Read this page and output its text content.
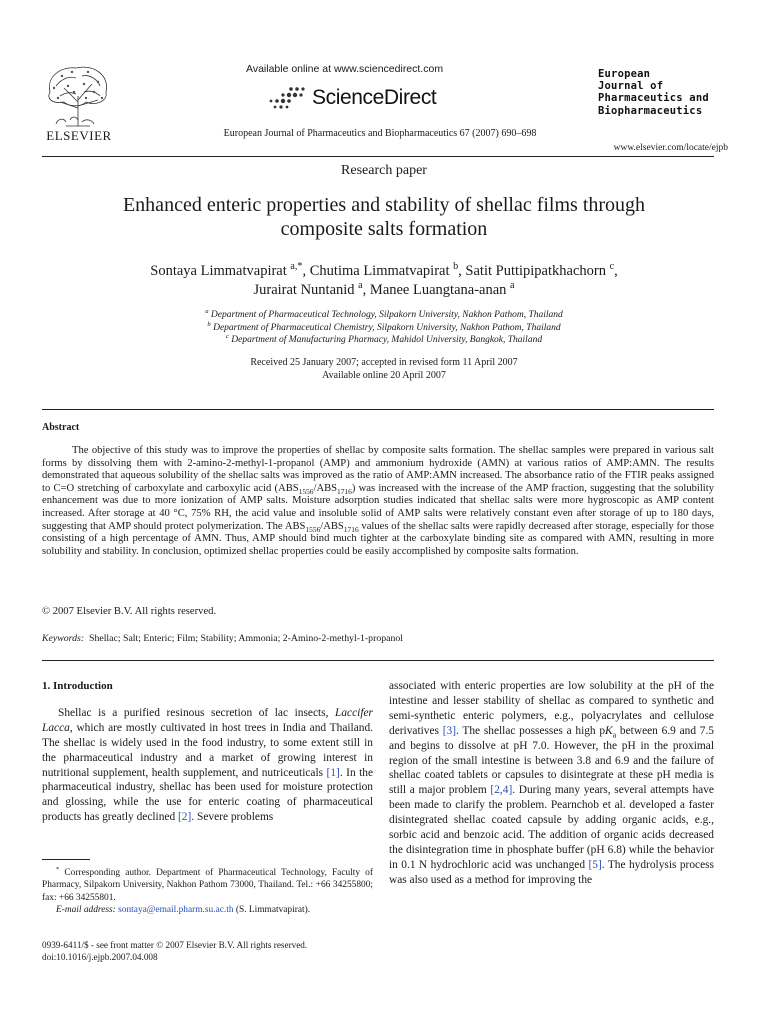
ELSEVIER
Available online at www.sciencedirect.com
ScienceDirect
European Journal of Pharmaceutics and Biopharmaceutics 67 (2007) 690–698
European
Journal of
Pharmaceutics and
Biopharmaceutics
www.elsevier.com/locate/ejpb
Research paper
Enhanced enteric properties and stability of shellac films through composite salts formation
Sontaya Limmatvapirat $^{a,*}$, Chutima Limmatvapirat $^b$, Satit Puttipipatkhachorn $^c$,
Jurairat Nuntanid $^a$, Manee Luangtana-anan $^a$
$^a$ Department of Pharmaceutical Technology, Silpakorn University, Nakhon Pathom, Thailand
$^b$ Department of Pharmaceutical Chemistry, Silpakorn University, Nakhon Pathom, Thailand
$^c$ Department of Manufacturing Pharmacy, Mahidol University, Bangkok, Thailand
Received 25 January 2007; accepted in revised form 11 April 2007
Available online 20 April 2007
Abstract
The objective of this study was to improve the properties of shellac by composite salts formation. The shellac samples were prepared in various salt forms by dissolving them with 2-amino-2-methyl-1-propanol (AMP) and ammonium hydroxide (AMN) at various ratios of AMP:AMN. The results demonstrated that aqueous solubility of the shellac salts was improved as the ratio of AMP:AMN increased. The absorbance ratio of the FTIR peaks assigned to C=O stretching of carboxylate and carboxylic acid $(ABS_{1556}/ABS_{1716})$ was increased with the increase of the AMP fraction, suggesting that the solubility enhancement was due to more ionization of AMP salts. Moisture adsorption studies indicated that shellac salts were more hygroscopic as AMP content increased. After storage at 40 °C, 75% RH, the acid value and insoluble solid of AMP salts were relatively constant even after storage of up to 180 days, suggesting that AMP should protect polymerization. The $ABS_{1556}/ABS_{1716}$ values of the shellac salts were rapidly decreased after storage, especially for those consisting of a high percentage of AMN. Thus, AMP should bind much tighter at the carboxylate binding site as compared with AMN, resulting in more solubility and stability. In conclusion, optimized shellac properties could be easily accomplished by composite salts formation.
© 2007 Elsevier B.V. All rights reserved.
Keywords: Shellac; Salt; Enteric; Film; Stability; Ammonia; 2-Amino-2-methyl-1-propanol
1. Introduction

Shellac is a purified resinous secretion of lac insects, Laccifer Lacca, which are mostly cultivated in host trees in India and Thailand. The shellac is widely used in the food industry, to some extent still in the pharmaceutical industry and a market of growing interest in nutritional supplement, health supplement, and nutriceuticals [1]. In the pharmaceutical industry, shellac has been used for moisture protection and glossing, while the use for enteric coating of pharmaceutical products has greatly declined [2]. Severe problems

associated with enteric properties are low solubility at the pH of the intestine and lesser stability of shellac as compared to synthetic and semi-synthetic enteric polymers, e.g., polyacrylates and cellulose derivatives [3]. The shellac possesses a high $pK_a$ between 6.9 and 7.5 and begins to dissolve at pH 7.0. However, the pH in the proximal region of the small intestine is between 3.8 and 6.9 and the failure of shellac coated tablets or capsules to disintegrate at these pH media is still a major problem [2,4]. During many years, several attempts have been made to clarify the problem. Pearnchob et al. developed a faster disintegrated shellac coated capsule by adding organic acids, e.g., sorbic acid and benzoic acid. The addition of organic acids decreased the disintegration time in phosphate buffer (pH 6.8) while the behavior in 0.1 N hydrochloric acid was unchanged [5]. The hydrolysis process was also used as a method for improving the

* Corresponding author. Department of Pharmaceutical Technology, Faculty of Pharmacy, Silpakorn University, Nakhon Pathom 73000, Thailand. Tel.: +66 34255800; fax: +66 34255801.

E-mail address: sontaya@email.pharm.su.ac.th (S. Limmatvapirat).

0939-6411/$ - see front matter © 2007 Elsevier B.V. All rights reserved.
doi:10.1016/j.ejpb.2007.04.008
